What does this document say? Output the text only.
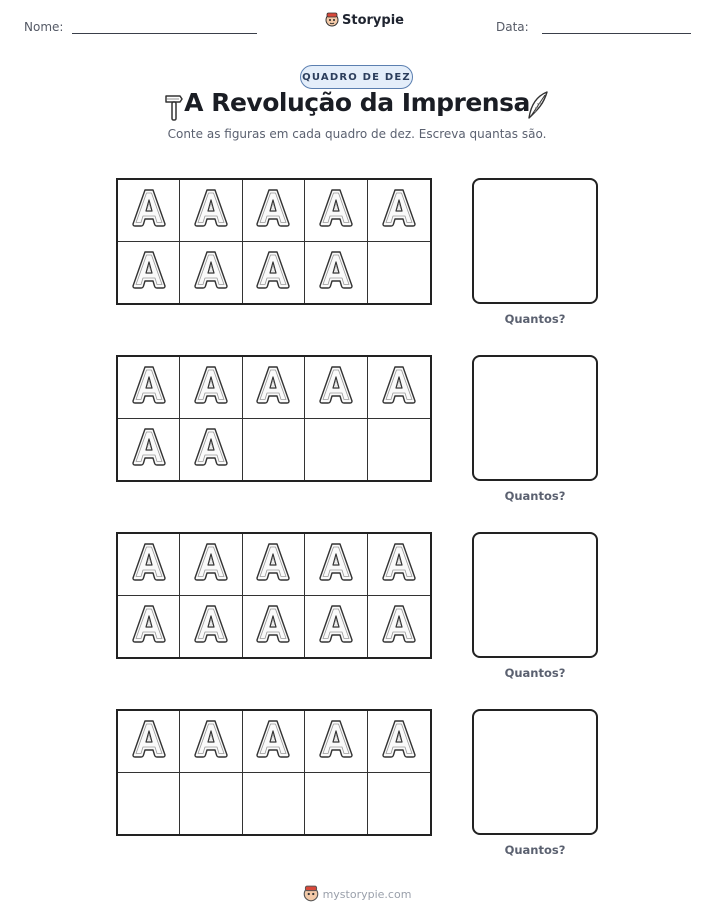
Nome:	Storypie	Data:
QUADRO DE DEZ
A Revolução da Imprensa

Conte as figuras em cada quadro de dez. Escreva quantas são.

Quantos?
Quantos?
Quantos?
Quantos?
mystorypie.com
